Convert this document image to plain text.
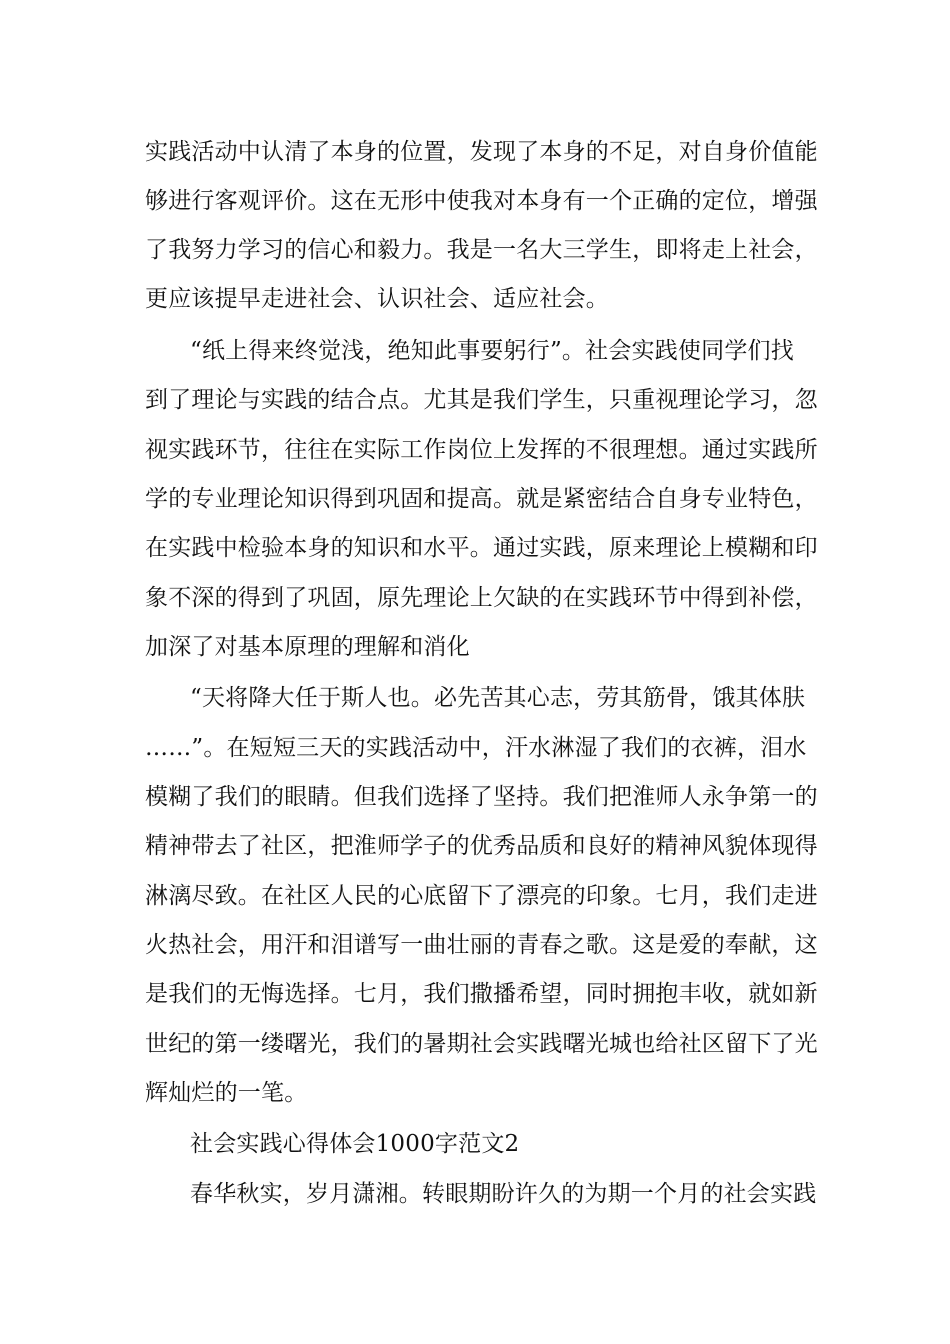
实践活动中认清了本身的位置，发现了本身的不足，对自身价值能
够进行客观评价。这在无形中使我对本身有一个正确的定位，增强
了我努力学习的信心和毅力。我是一名大三学生，即将走上社会，
更应该提早走进社会、认识社会、适应社会。
“纸上得来终觉浅，绝知此事要躬行”。社会实践使同学们找
到了理论与实践的结合点。尤其是我们学生，只重视理论学习，忽
视实践环节，往往在实际工作岗位上发挥的不很理想。通过实践所
学的专业理论知识得到巩固和提高。就是紧密结合自身专业特色，
在实践中检验本身的知识和水平。通过实践，原来理论上模糊和印
象不深的得到了巩固，原先理论上欠缺的在实践环节中得到补偿，
加深了对基本原理的理解和消化
“天将降大任于斯人也。必先苦其心志，劳其筋骨，饿其体肤
……”。在短短三天的实践活动中，汗水淋湿了我们的衣裤，泪水
模糊了我们的眼睛。但我们选择了坚持。我们把淮师人永争第一的
精神带去了社区，把淮师学子的优秀品质和良好的精神风貌体现得
淋漓尽致。在社区人民的心底留下了漂亮的印象。七月，我们走进
火热社会，用汗和泪谱写一曲壮丽的青春之歌。这是爱的奉献，这
是我们的无悔选择。七月，我们撒播希望，同时拥抱丰收，就如新
世纪的第一缕曙光，我们的暑期社会实践曙光城也给社区留下了光
辉灿烂的一笔。
社会实践心得体会1000字范文2
春华秋实，岁月潇湘。转眼期盼许久的为期一个月的社会实践
